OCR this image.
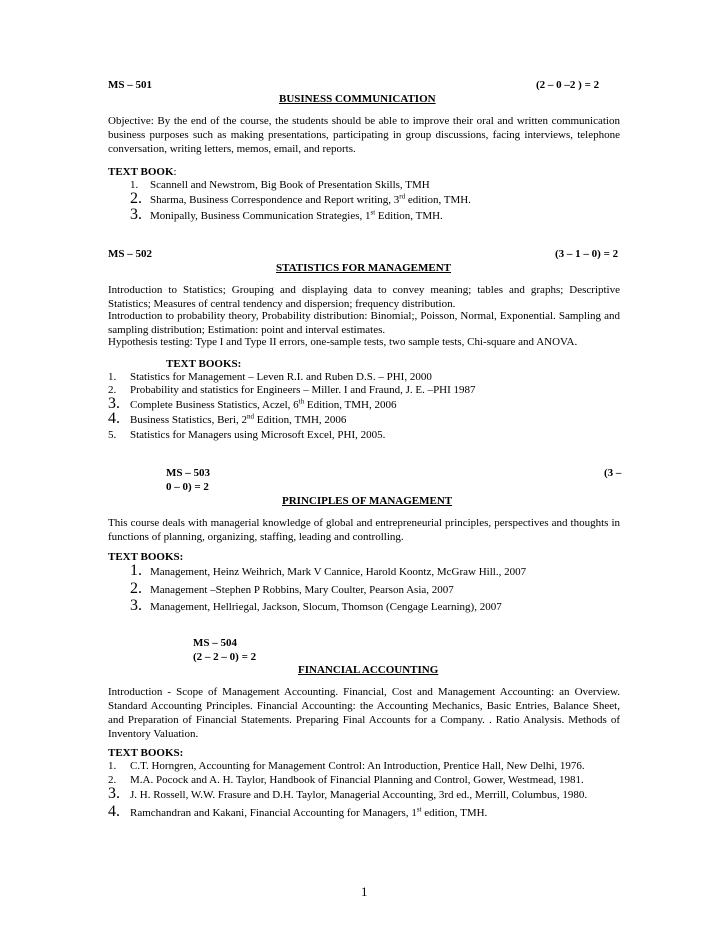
MS – 501	(2 – 0 –2 ) = 2
BUSINESS COMMUNICATION
Objective: By the end of the course, the students should be able to improve their oral and written communication business purposes such as making presentations, participating in group discussions, facing interviews, telephone conversation, writing letters, memos, email, and reports.
TEXT BOOK:
1. Scannell and Newstrom, Big Book of Presentation Skills, TMH
2. Sharma, Business Correspondence and Report writing, 3rd edition, TMH.
3. Monipally, Business Communication Strategies, 1st Edition, TMH.
MS – 502	(3 – 1 – 0) = 2
STATISTICS FOR MANAGEMENT
Introduction to Statistics; Grouping and displaying data to convey meaning; tables and graphs; Descriptive Statistics; Measures of central tendency and dispersion; frequency distribution.
Introduction to probability theory, Probability distribution: Binomial;, Poisson, Normal, Exponential. Sampling and sampling distribution; Estimation: point and interval estimates.
Hypothesis testing: Type I and Type II errors, one-sample tests, two sample tests, Chi-square and ANOVA.
TEXT BOOKS:
1. Statistics for Management – Leven R.I. and Ruben D.S. – PHI, 2000
2. Probability and statistics for Engineers – Miller. I and Fraund, J. E. –PHI 1987
3. Complete Business Statistics, Aczel, 6th Edition, TMH, 2006
4. Business Statistics, Beri, 2nd Edition, TMH, 2006
5. Statistics for Managers using Microsoft Excel, PHI, 2005.
MS – 503	(3 –
0 – 0) = 2
PRINCIPLES OF MANAGEMENT
This course deals with managerial knowledge of global and entrepreneurial principles, perspectives and thoughts in functions of planning, organizing, staffing, leading and controlling.
TEXT BOOKS:
1. Management, Heinz Weihrich, Mark V Cannice, Harold Koontz, McGraw Hill., 2007
2. Management –Stephen P Robbins, Mary Coulter, Pearson Asia, 2007
3. Management, Hellriegal, Jackson, Slocum, Thomson (Cengage Learning), 2007
MS – 504
(2 – 2 – 0) = 2
FINANCIAL ACCOUNTING
Introduction - Scope of Management Accounting. Financial, Cost and Management Accounting: an Overview. Standard Accounting Principles. Financial Accounting: the Accounting Mechanics, Basic Entries, Balance Sheet, and Preparation of Financial Statements. Preparing Final Accounts for a Company. . Ratio Analysis. Methods of Inventory Valuation.
TEXT BOOKS:
1. C.T. Horngren, Accounting for Management Control: An Introduction, Prentice Hall, New Delhi, 1976.
2. M.A. Pocock and A. H. Taylor, Handbook of Financial Planning and Control, Gower, Westmead, 1981.
3. J. H. Rossell, W.W. Frasure and D.H. Taylor, Managerial Accounting, 3rd ed., Merrill, Columbus, 1980.
4. Ramchandran and Kakani, Financial Accounting for Managers, 1st edition, TMH.
1
